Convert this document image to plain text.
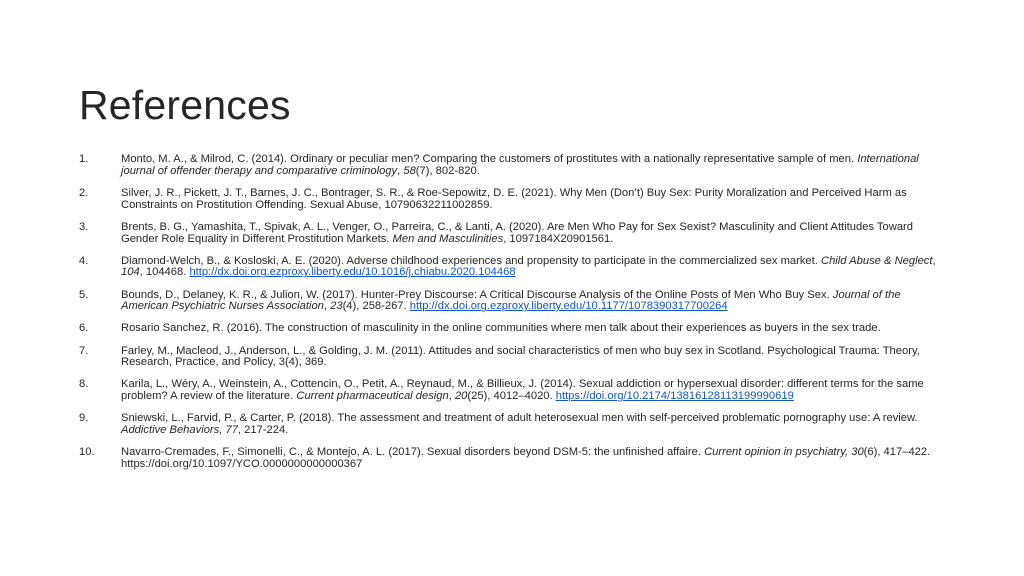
References
1.	Monto, M. A., & Milrod, C. (2014). Ordinary or peculiar men? Comparing the customers of prostitutes with a nationally representative sample of men. International journal of offender therapy and comparative criminology, 58(7), 802-820.
2.	Silver, J. R., Pickett, J. T., Barnes, J. C., Bontrager, S. R., & Roe-Sepowitz, D. E. (2021). Why Men (Don’t) Buy Sex: Purity Moralization and Perceived Harm as Constraints on Prostitution Offending. Sexual Abuse, 10790632211002859.
3.	Brents, B. G., Yamashita, T., Spivak, A. L., Venger, O., Parreira, C., & Lanti, A. (2020). Are Men Who Pay for Sex Sexist? Masculinity and Client Attitudes Toward Gender Role Equality in Different Prostitution Markets. Men and Masculinities, 1097184X20901561.
4.	Diamond-Welch, B., & Kosloski, A. E. (2020). Adverse childhood experiences and propensity to participate in the commercialized sex market. Child Abuse & Neglect, 104, 104468. http://dx.doi.org.ezproxy.liberty.edu/10.1016/j.chiabu.2020.104468
5.	Bounds, D., Delaney, K. R., & Julion, W. (2017). Hunter-Prey Discourse: A Critical Discourse Analysis of the Online Posts of Men Who Buy Sex. Journal of the American Psychiatric Nurses Association, 23(4), 258-267. http://dx.doi.org.ezproxy.liberty.edu/10.1177/1078390317700264
6.	Rosario Sanchez, R. (2016). The construction of masculinity in the online communities where men talk about their experiences as buyers in the sex trade.
7.	Farley, M., Macleod, J., Anderson, L., & Golding, J. M. (2011). Attitudes and social characteristics of men who buy sex in Scotland. Psychological Trauma: Theory, Research, Practice, and Policy, 3(4), 369.
8.	Karila, L., Wéry, A., Weinstein, A., Cottencin, O., Petit, A., Reynaud, M., & Billieux, J. (2014). Sexual addiction or hypersexual disorder: different terms for the same problem? A review of the literature. Current pharmaceutical design, 20(25), 4012–4020. https://doi.org/10.2174/13816128113199990619
9.	Sniewski, L., Farvid, P., & Carter, P. (2018). The assessment and treatment of adult heterosexual men with self-perceived problematic pornography use: A review. Addictive Behaviors, 77, 217-224.
10. Navarro-Cremades, F., Simonelli, C., & Montejo, A. L. (2017). Sexual disorders beyond DSM-5: the unfinished affaire. Current opinion in psychiatry, 30(6), 417–422. https://doi.org/10.1097/YCO.0000000000000367
